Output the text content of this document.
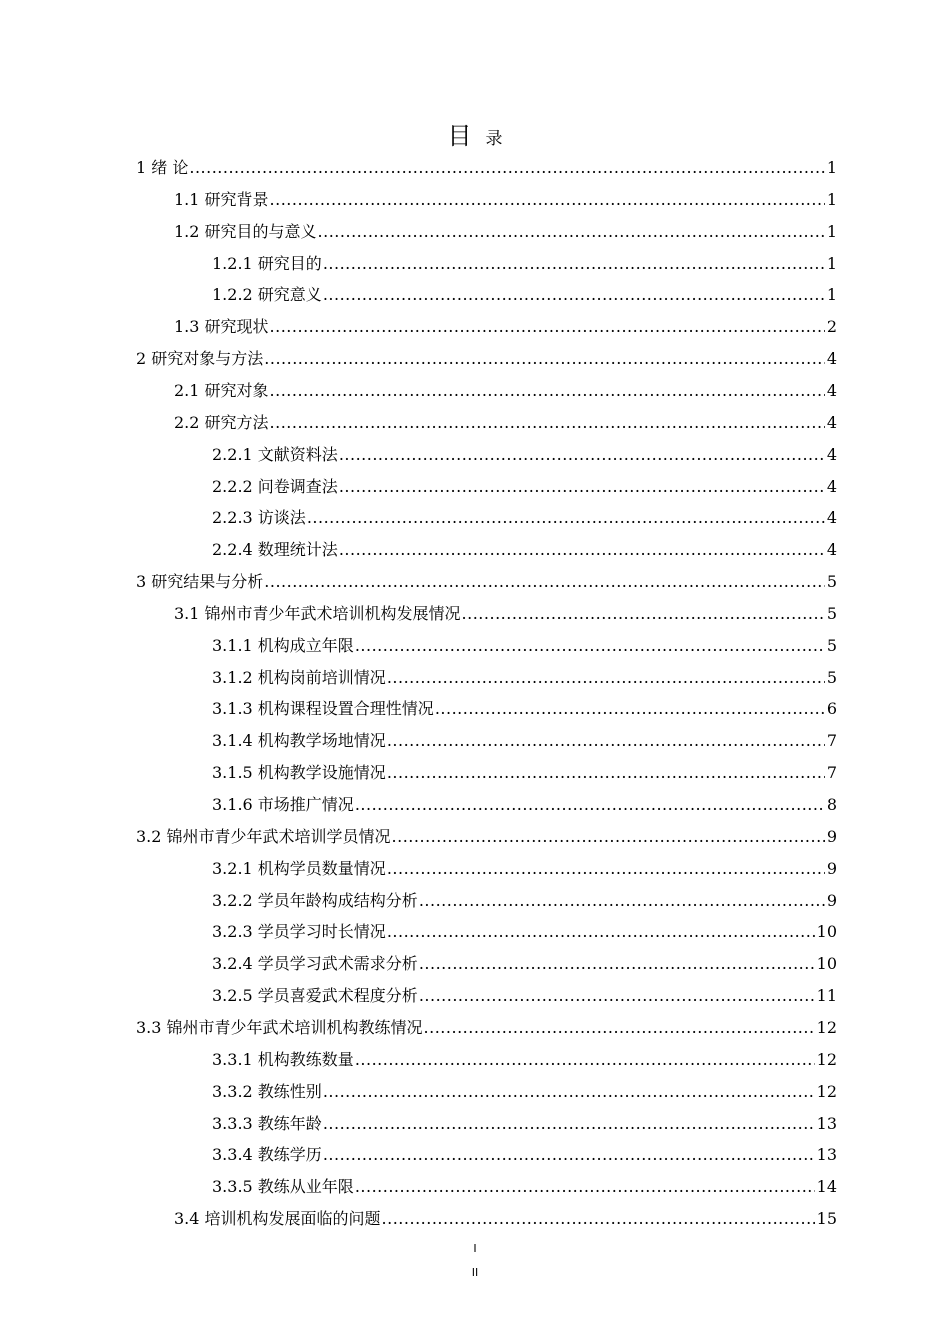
目 录
1 绪 论 .....	1
1.1 研究背景 .....	1
1.2 研究目的与意义 .....	1
1.2.1 研究目的 .....	1
1.2.2 研究意义 .....	1
1.3 研究现状 .....	2
2 研究对象与方法 .....	4
2.1 研究对象 .....	4
2.2 研究方法 .....	4
2.2.1 文献资料法 .....	4
2.2.2 问卷调查法 .....	4
2.2.3 访谈法 .....	4
2.2.4 数理统计法 .....	4
3 研究结果与分析 .....	5
3.1 锦州市青少年武术培训机构发展情况 .....	5
3.1.1 机构成立年限 .....	5
3.1.2 机构岗前培训情况 .....	5
3.1.3 机构课程设置合理性情况 .....	6
3.1.4 机构教学场地情况 .....	7
3.1.5 机构教学设施情况 .....	7
3.1.6 市场推广情况 .....	8
3.2 锦州市青少年武术培训学员情况 .....	9
3.2.1 机构学员数量情况 .....	9
3.2.2 学员年龄构成结构分析 .....	9
3.2.3 学员学习时长情况 .....	10
3.2.4 学员学习武术需求分析 .....	10
3.2.5 学员喜爱武术程度分析 .....	11
3.3 锦州市青少年武术培训机构教练情况 .....	12
3.3.1 机构教练数量 .....	12
3.3.2 教练性别 .....	12
3.3.3 教练年龄 .....	13
3.3.4 教练学历 .....	13
3.3.5 教练从业年限 .....	14
3.4 培训机构发展面临的问题 .....	15
I
II
